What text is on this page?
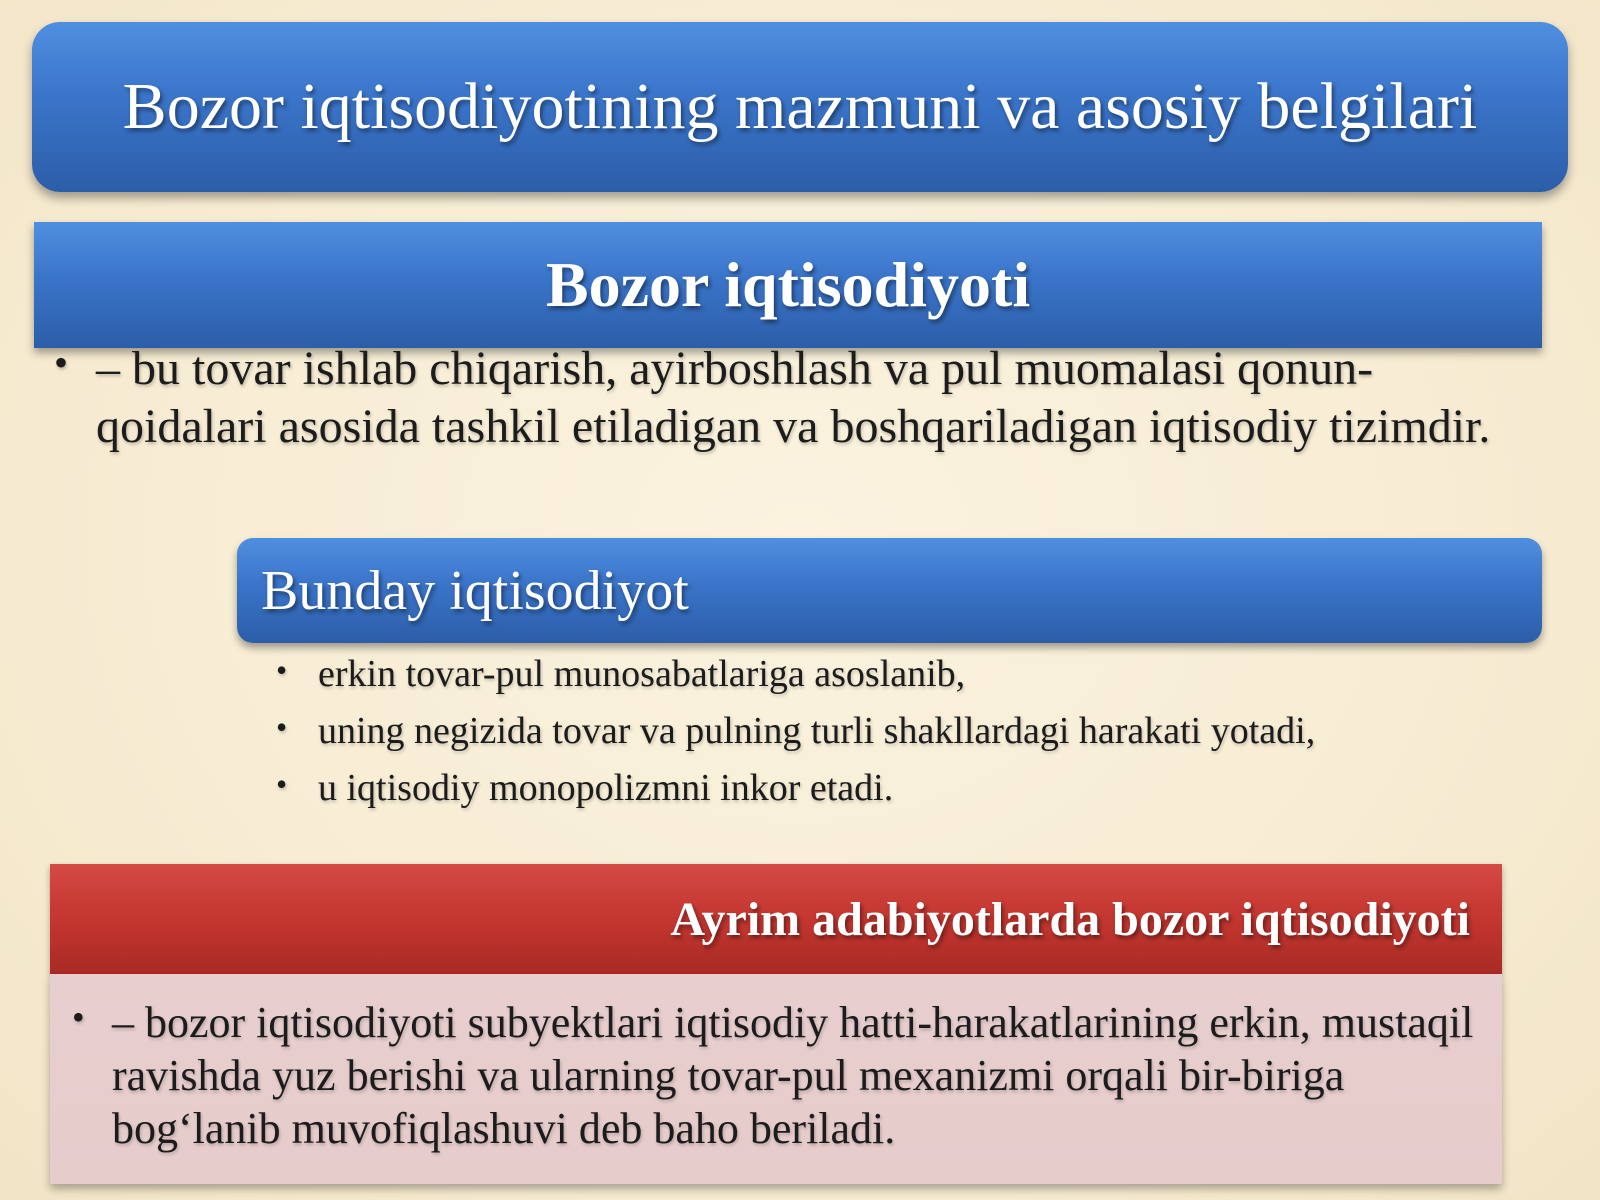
Bozor iqtisodiyotining mazmuni va asosiy belgilari
Bozor iqtisodiyoti
• – bu tovar ishlab chiqarish, ayirboshlash va pul muomalasi qonun-qoidalari asosida tashkil etiladigan va boshqariladigan iqtisodiy tizimdir.
Bunday iqtisodiyot
• erkin tovar-pul munosabatlariga asoslanib,
• uning negizida tovar va pulning turli shakllardagi harakati yotadi,
• u iqtisodiy monopolizmni inkor etadi.
Ayrim adabiyotlarda bozor iqtisodiyoti
• – bozor iqtisodiyoti subyektlari iqtisodiy hatti-harakatlarining erkin, mustaqil ravishda yuz berishi va ularning tovar-pul mexanizmi orqali bir-biriga bog‘lanib muvofiqlashuvi deb baho beriladi.
